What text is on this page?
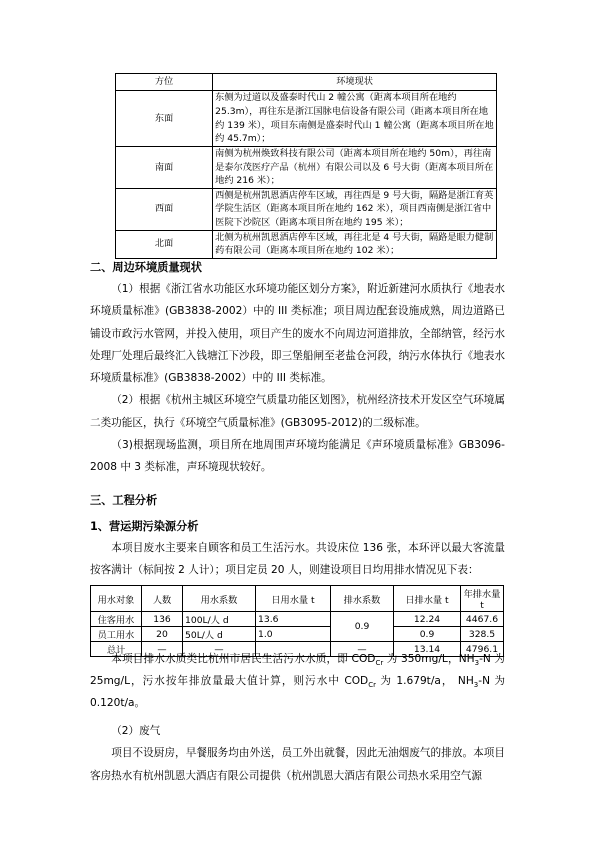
方位	环境现状
东面	东侧为过道以及盛泰时代山 2 幢公寓（距离本项目所在地约25.3m），再往东是浙江国脉电信设备有限公司（距离本项目所在地约 139 米），项目东南侧是盛泰时代山 1 幢公寓（距离本项目所在地约 45.7m）；
南面	南侧为杭州焕致科技有限公司（距离本项目所在地约 50m），再往南是泰尔茂医疗产品（杭州）有限公司以及 6 号大街（距离本项目所在地约 216 米）；
西面	西侧是杭州凯恩酒店停车区域，再往西是 9 号大街，隔路是浙江育英学院生活区（距离本项目所在地约 162 米），项目西南侧是浙江省中医院下沙院区（距离本项目所在地约 195 米）；
北面	北侧为杭州凯恩酒店停车区域，再往北是 4 号大街，隔路是眼力健制药有限公司（距离本项目所在地约 102 米）；
二、周边环境质量现状

（1）根据《浙江省水功能区水环境功能区划分方案》，附近新建河水质执行《地表水环境质量标准》(GB3838-2002）中的 III 类标准；项目周边配套设施成熟，周边道路已铺设市政污水管网，并投入使用，项目产生的废水不向周边河道排放，全部纳管，经污水处理厂处理后最终汇入钱塘江下沙段，即三堡船闸至老盐仓河段，纳污水体执行《地表水环境质量标准》(GB3838-2002）中的 III 类标准。

（2）根据《杭州主城区环境空气质量功能区划图》，杭州经济技术开发区空气环境属二类功能区，执行《环境空气质量标准》(GB3095-2012)的二级标准。

（3)根据现场监测，项目所在地周围声环境均能满足《声环境质量标准》GB3096-2008 中 3 类标准，声环境现状较好。

三、工程分析
1、营运期污染源分析

本项目废水主要来自顾客和员工生活污水。共设床位 136 张，本环评以最大客流量按客满计（标间按 2 人计）；项目定员 20 人，则建设项目日均用排水情况见下表：

用水对象	人数	用水系数	日用水量 t	排水系数	日排水量 t	年排水量 t
住客用水	136	100L/人 d	13.6	0.9	12.24	4467.6
员工用水	20	50L/人 d	1.0		0.9	328.5
总计	—	—		—	13.14	4796.1

本项目排水水质类比杭州市居民生活污水水质，即 $COD_{Cr}$ 为 350mg/L，$NH_3-N$ 为 25mg/L，污水按年排放量最大值计算，则污水中 $COD_{Cr}$ 为 1.679t/a， $NH_3-N$ 为 0.120t/a。

（2）废气

项目不设厨房，早餐服务均由外送，员工外出就餐，因此无油烟废气的排放。本项目客房热水有杭州凯恩大酒店有限公司提供（杭州凯恩大酒店有限公司热水采用空气源
